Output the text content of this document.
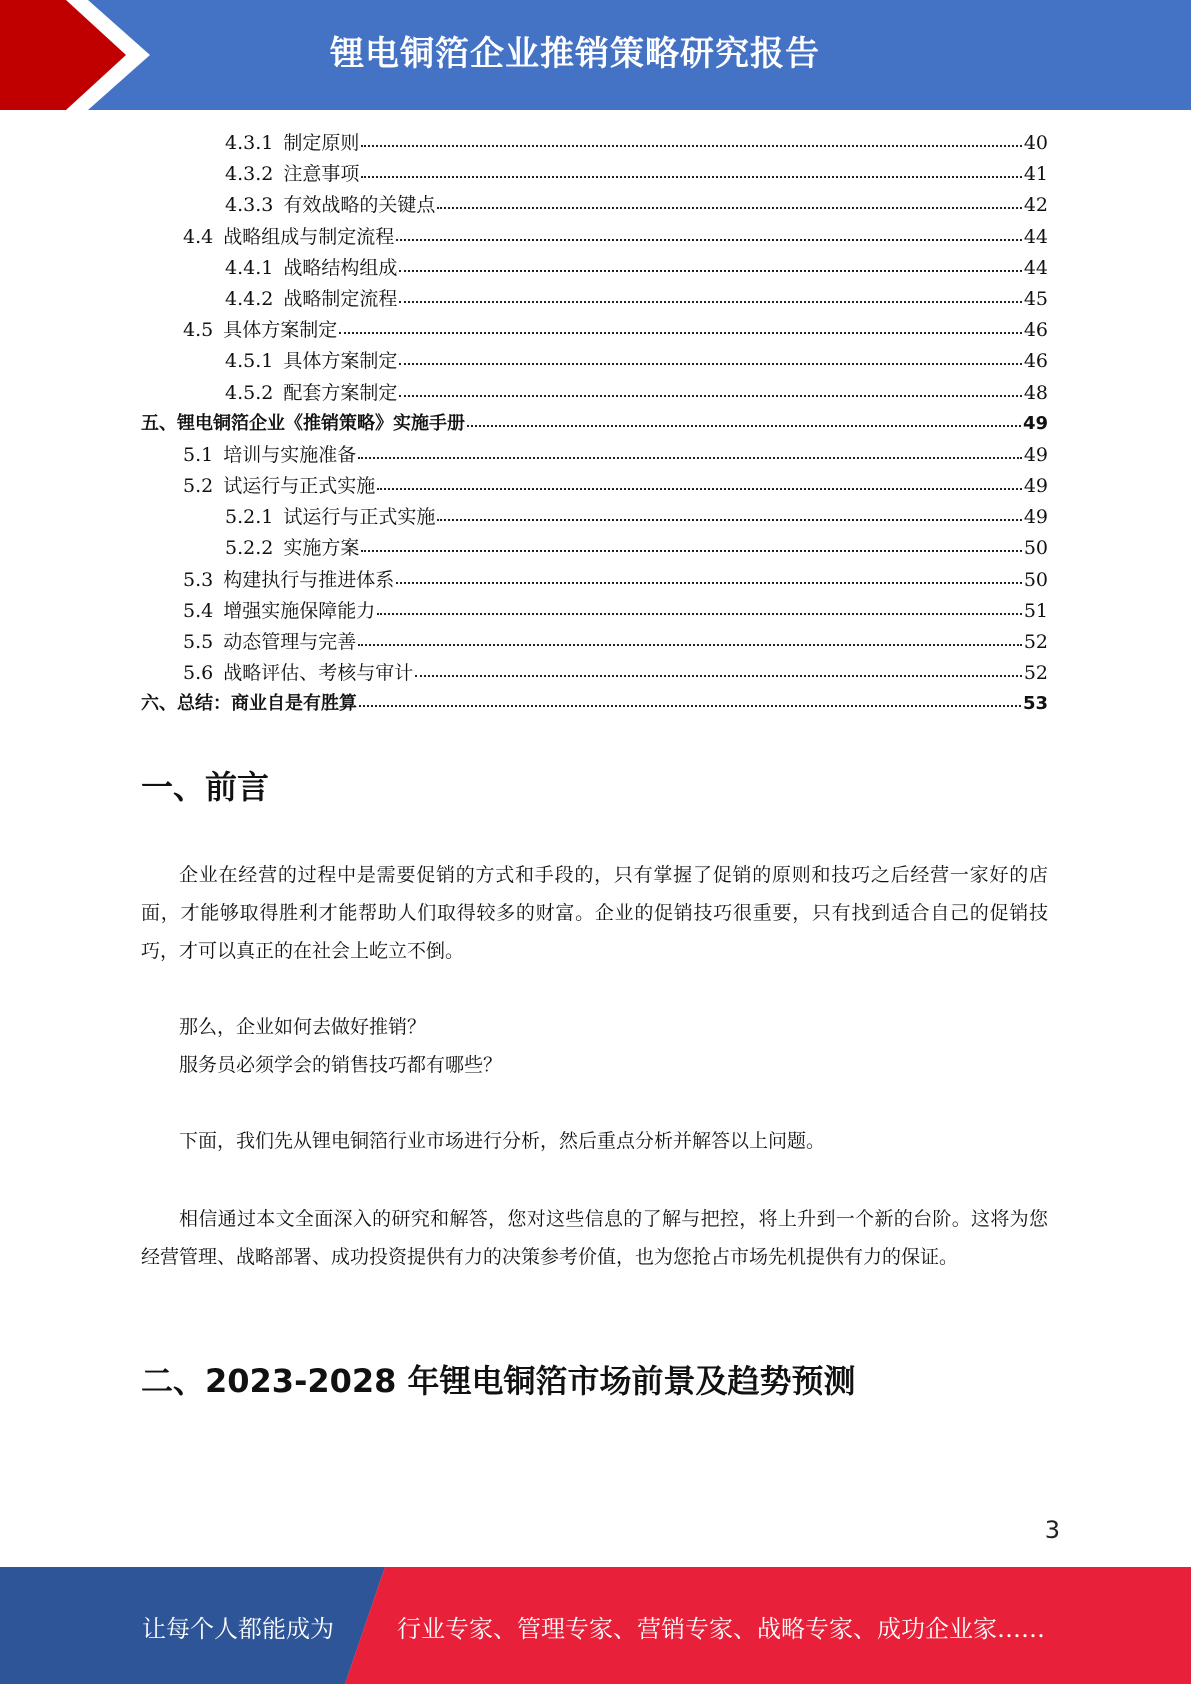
锂电铜箔企业推销策略研究报告
4.3.1 制定原则	40
4.3.2 注意事项	41
4.3.3 有效战略的关键点	42
4.4 战略组成与制定流程	44
4.4.1 战略结构组成	44
4.4.2 战略制定流程	45
4.5 具体方案制定	46
4.5.1 具体方案制定	46
4.5.2 配套方案制定	48
五、锂电铜箔企业《推销策略》实施手册	49
5.1 培训与实施准备	49
5.2 试运行与正式实施	49
5.2.1 试运行与正式实施	49
5.2.2 实施方案	50
5.3 构建执行与推进体系	50
5.4 增强实施保障能力	51
5.5 动态管理与完善	52
5.6 战略评估、考核与审计	52
六、总结：商业自是有胜算	53
一、前言

企业在经营的过程中是需要促销的方式和手段的，只有掌握了促销的原则和技巧之后经营一家好的店面，才能够取得胜利才能帮助人们取得较多的财富。企业的促销技巧很重要，只有找到适合自己的促销技巧，才可以真正的在社会上屹立不倒。

那么，企业如何去做好推销？

服务员必须学会的销售技巧都有哪些？

下面，我们先从锂电铜箔行业市场进行分析，然后重点分析并解答以上问题。

相信通过本文全面深入的研究和解答，您对这些信息的了解与把控，将上升到一个新的台阶。这将为您经营管理、战略部署、成功投资提供有力的决策参考价值，也为您抢占市场先机提供有力的保证。

二、2023-2028 年锂电铜箔市场前景及趋势预测
3
让每个人都能成为	行业专家、管理专家、营销专家、战略专家、成功企业家……
